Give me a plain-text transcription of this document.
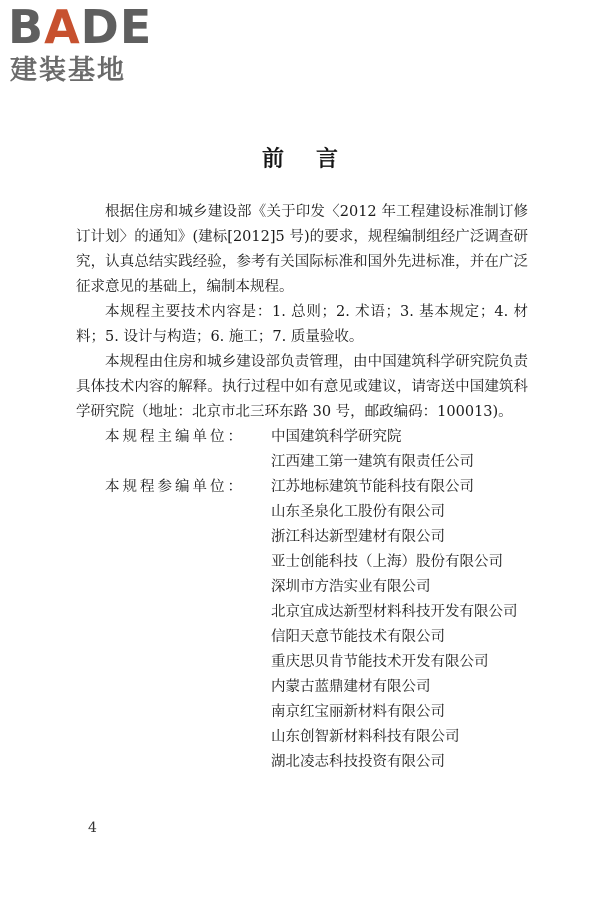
BADE
建装基地
前言

根据住房和城乡建设部《关于印发〈2012 年工程建设标准制订修订计划〉的通知》(建标[2012]5 号)的要求，规程编制组经广泛调查研究，认真总结实践经验，参考有关国际标准和国外先进标准，并在广泛征求意见的基础上，编制本规程。

本规程主要技术内容是：1. 总则；2. 术语；3. 基本规定；4. 材料；5. 设计与构造；6. 施工；7. 质量验收。

本规程由住房和城乡建设部负责管理，由中国建筑科学研究院负责具体技术内容的解释。执行过程中如有意见或建议，请寄送中国建筑科学研究院（地址：北京市北三环东路 30 号，邮政编码：100013)。

本规程主编单位：	中国建筑科学研究院

江西建工第一建筑有限责任公司

本规程参编单位：	江苏地标建筑节能科技有限公司

山东圣泉化工股份有限公司

浙江科达新型建材有限公司

亚士创能科技（上海）股份有限公司

深圳市方浩实业有限公司

北京宜成达新型材料科技开发有限公司

信阳天意节能技术有限公司

重庆思贝肯节能技术开发有限公司

内蒙古蓝鼎建材有限公司

南京红宝丽新材料有限公司

山东创智新材料科技有限公司

湖北凌志科技投资有限公司

4
